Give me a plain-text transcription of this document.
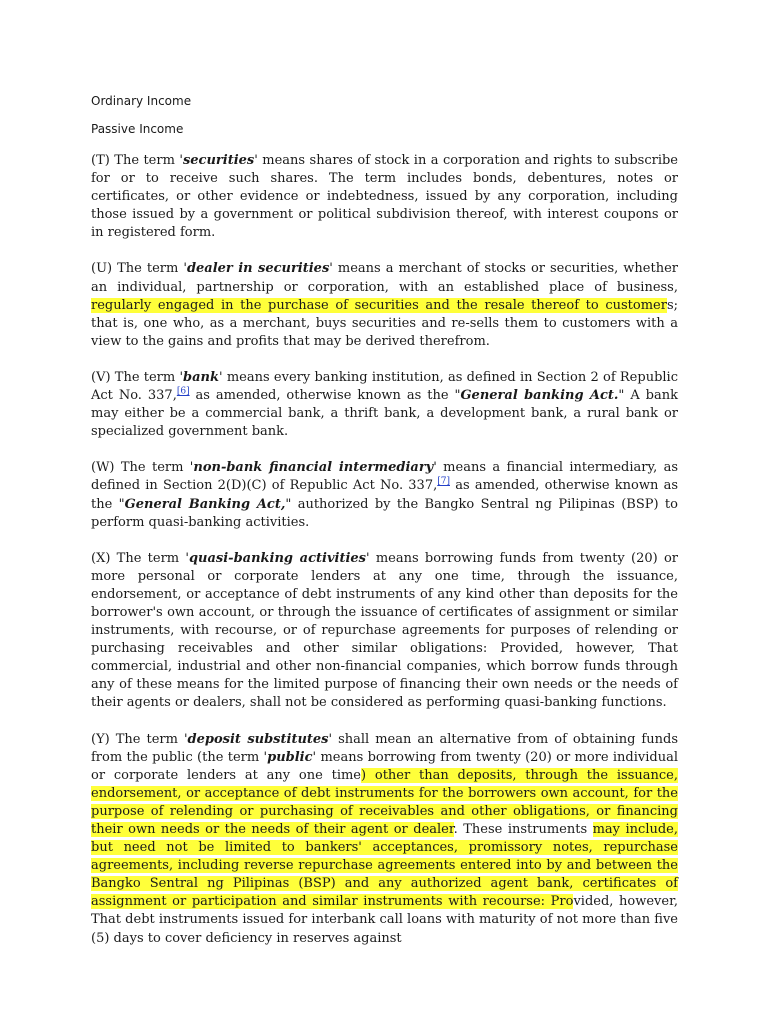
Ordinary Income

Passive Income

(T) The term 'securities' means shares of stock in a corporation and rights to subscribe for or to receive such shares. The term includes bonds, debentures, notes or certificates, or other evidence or indebtedness, issued by any corporation, including those issued by a government or political subdivision thereof, with interest coupons or in registered form.

(U) The term 'dealer in securities' means a merchant of stocks or securities, whether an individual, partnership or corporation, with an established place of business, regularly engaged in the purchase of securities and the resale thereof to customers; that is, one who, as a merchant, buys securities and re-sells them to customers with a view to the gains and profits that may be derived therefrom.

(V) The term 'bank' means every banking institution, as defined in Section 2 of Republic Act No. 337,[6] as amended, otherwise known as the "General banking Act." A bank may either be a commercial bank, a thrift bank, a development bank, a rural bank or specialized government bank.

(W) The term 'non-bank financial intermediary' means a financial intermediary, as defined in Section 2(D)(C) of Republic Act No. 337,[7] as amended, otherwise known as the "General Banking Act," authorized by the Bangko Sentral ng Pilipinas (BSP) to perform quasi-banking activities.

(X) The term 'quasi-banking activities' means borrowing funds from twenty (20) or more personal or corporate lenders at any one time, through the issuance, endorsement, or acceptance of debt instruments of any kind other than deposits for the borrower's own account, or through the issuance of certificates of assignment or similar instruments, with recourse, or of repurchase agreements for purposes of relending or purchasing receivables and other similar obligations: Provided, however, That commercial, industrial and other non-financial companies, which borrow funds through any of these means for the limited purpose of financing their own needs or the needs of their agents or dealers, shall not be considered as performing quasi-banking functions.

(Y) The term 'deposit substitutes' shall mean an alternative from of obtaining funds from the public (the term 'public' means borrowing from twenty (20) or more individual or corporate lenders at any one time) other than deposits, through the issuance, endorsement, or acceptance of debt instruments for the borrowers own account, for the purpose of relending or purchasing of receivables and other obligations, or financing their own needs or the needs of their agent or dealer. These instruments may include, but need not be limited to bankers' acceptances, promissory notes, repurchase agreements, including reverse repurchase agreements entered into by and between the Bangko Sentral ng Pilipinas (BSP) and any authorized agent bank, certificates of assignment or participation and similar instruments with recourse: Provided, however, That debt instruments issued for interbank call loans with maturity of not more than five (5) days to cover deficiency in reserves against
